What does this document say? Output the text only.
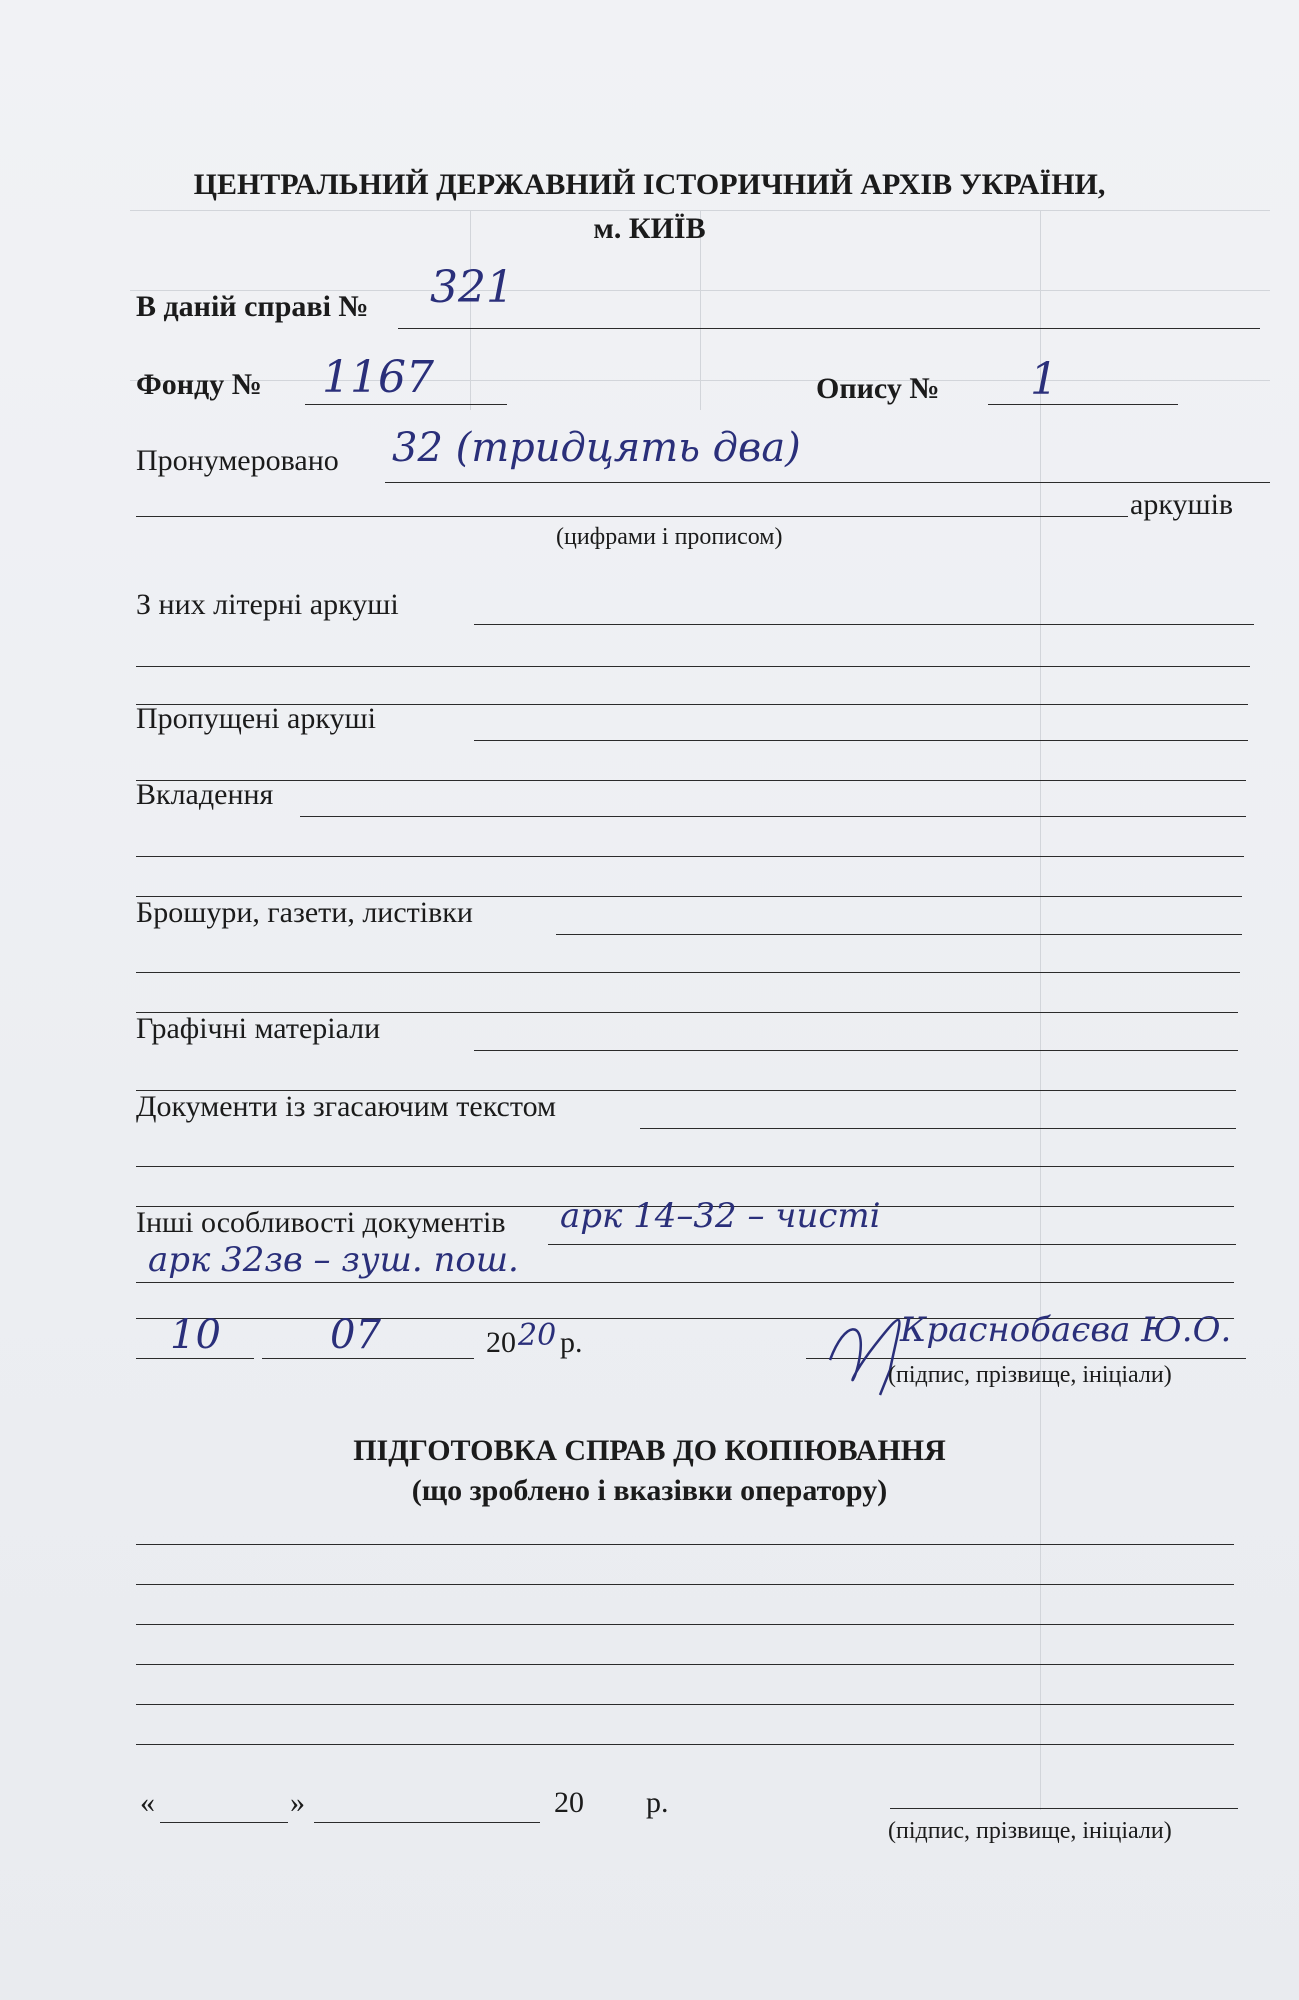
ЦЕНТРАЛЬНИЙ ДЕРЖАВНИЙ ІСТОРИЧНИЙ АРХІВ УКРАЇНИ,
м. КИЇВ
В даній справі № 321
Фонду № 1167	Опису № 1
Пронумеровано 32 (тридцять два)
аркушів
(цифрами і прописом)
З них літерні аркуші
Пропущені аркуші
Вкладення
Брошури, газети, листівки
Графічні матеріали
Документи із згасаючим текстом
Інші особливості документів арк 14–32 – чисті
арк 32зв – зуш. пош.
10	07	20 20 р.	Краснобаєва Ю.О.
(підпис, прізвище, ініціали)
ПІДГОТОВКА СПРАВ ДО КОПІЮВАННЯ
(що зроблено і вказівки оператору)
«	»	20 р.
(підпис, прізвище, ініціали)
